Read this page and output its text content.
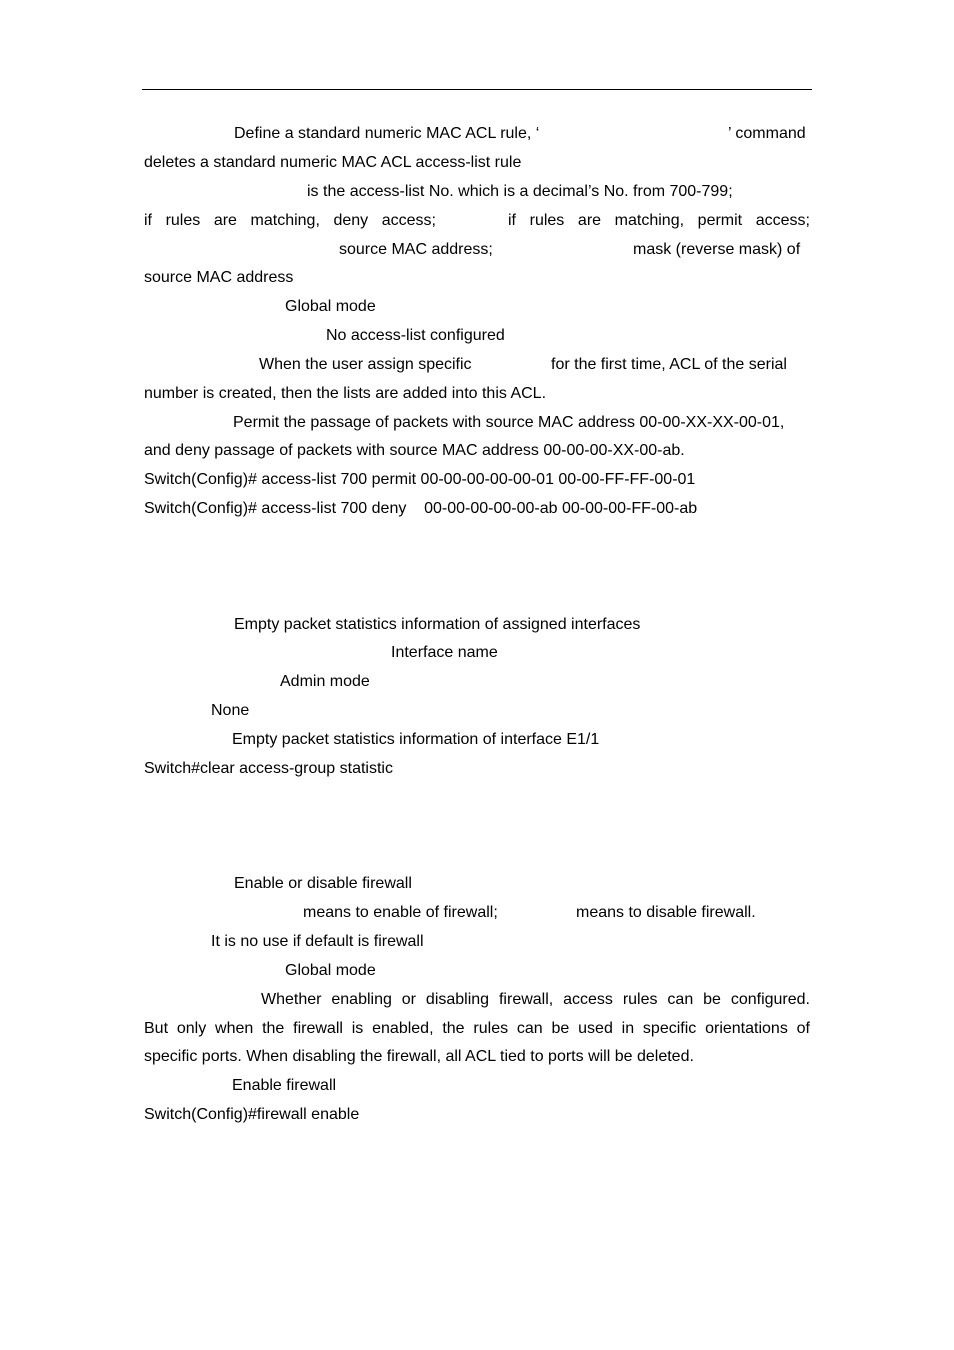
Define a standard numeric MAC ACL rule, ‘	’ command
deletes a standard numeric MAC ACL access-list rule
is the access-list No. which is a decimal’s No. from 700-799;
if rules are matching, deny access;	if rules are matching, permit access;
source MAC address;	mask (reverse mask) of
source MAC address
Global mode
No access-list configured
When the user assign specific	for the first time, ACL of the serial
number is created, then the lists are added into this ACL.
Permit the passage of packets with source MAC address 00-00-XX-XX-00-01,
and deny passage of packets with source MAC address 00-00-00-XX-00-ab.
Switch(Config)# access-list 700 permit 00-00-00-00-00-01 00-00-FF-FF-00-01
Switch(Config)# access-list 700 deny    00-00-00-00-00-ab 00-00-00-FF-00-ab
Empty packet statistics information of assigned interfaces
Interface name
Admin mode
None
Empty packet statistics information of interface E1/1
Switch#clear access-group statistic
Enable or disable firewall
means to enable of firewall;	means to disable firewall.
It is no use if default is firewall
Global mode
Whether enabling or disabling firewall, access rules can be configured.
But only when the firewall is enabled, the rules can be used in specific orientations of
specific ports. When disabling the firewall, all ACL tied to ports will be deleted.
Enable firewall
Switch(Config)#firewall enable
